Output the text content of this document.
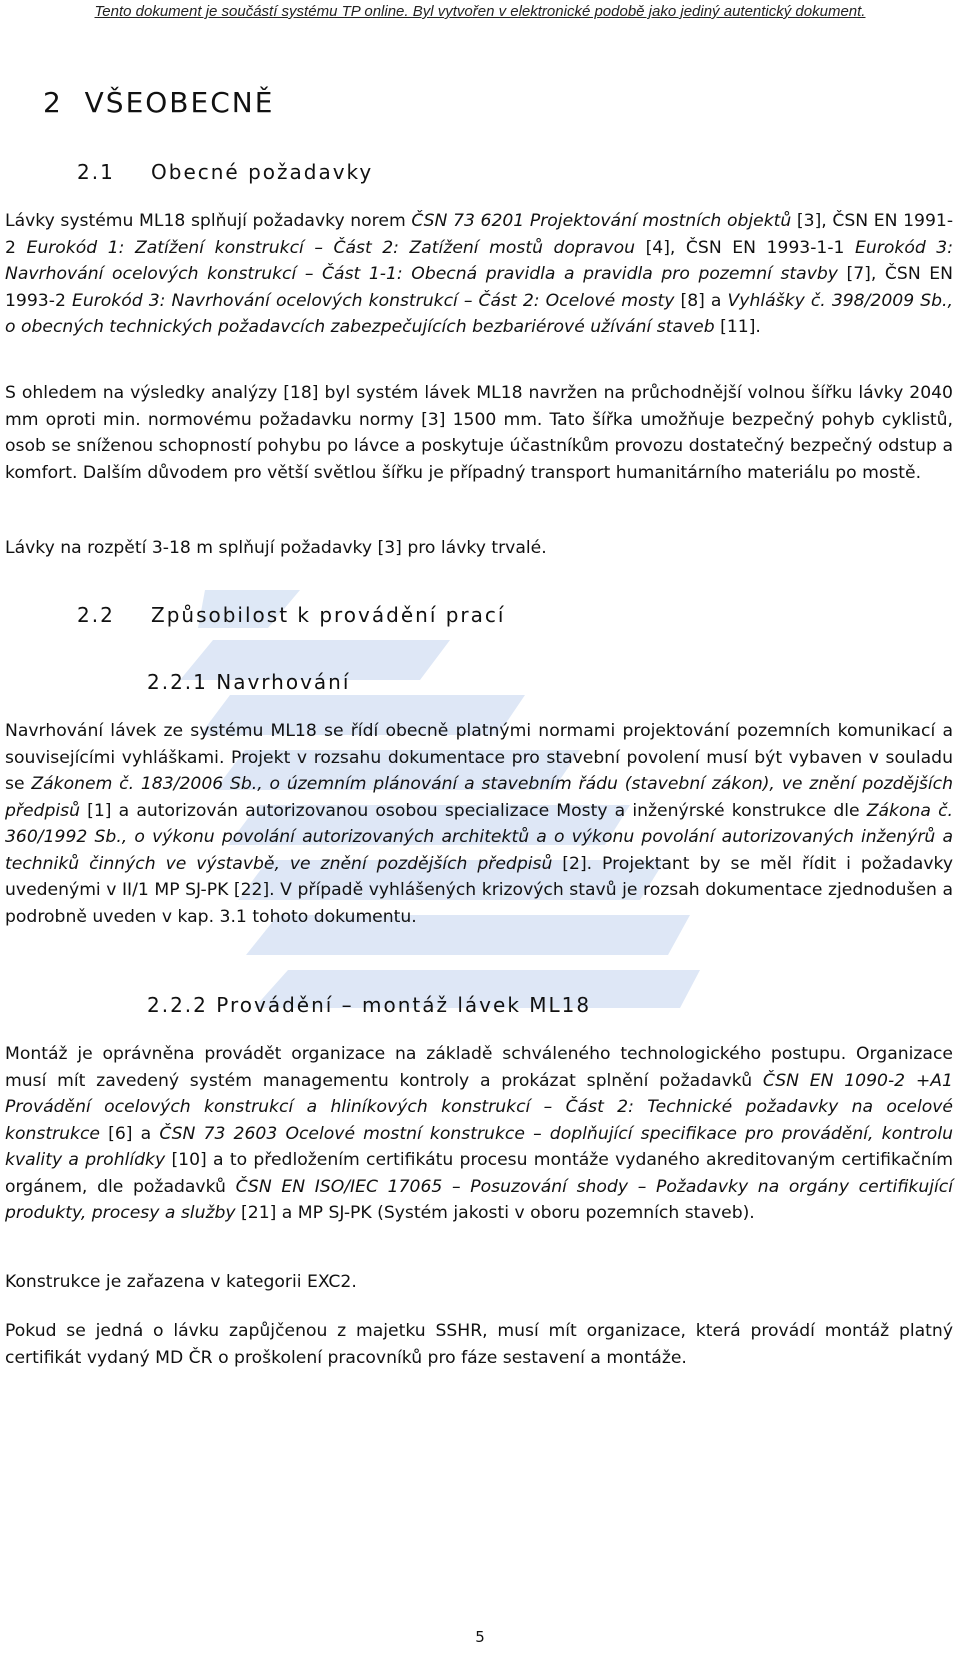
Tento dokument je součástí systému TP online. Byl vytvořen v elektronické podobě jako jediný autentický dokument.
2 VŠEOBECNĚ
2.1 Obecné požadavky

Lávky systému ML18 splňují požadavky norem ČSN 73 6201 Projektování mostních objektů [3], ČSN EN 1991-2 Eurokód 1: Zatížení konstrukcí – Část 2: Zatížení mostů dopravou [4], ČSN EN 1993-1-1 Eurokód 3: Navrhování ocelových konstrukcí – Část 1-1: Obecná pravidla a pravidla pro pozemní stavby [7], ČSN EN 1993-2 Eurokód 3: Navrhování ocelových konstrukcí – Část 2: Ocelové mosty [8] a Vyhlášky č. 398/2009 Sb., o obecných technických požadavcích zabezpečujících bezbariérové užívání staveb [11].

S ohledem na výsledky analýzy [18] byl systém lávek ML18 navržen na průchodnější volnou šířku lávky 2040 mm oproti min. normovému požadavku normy [3] 1500 mm. Tato šířka umožňuje bezpečný pohyb cyklistů, osob se sníženou schopností pohybu po lávce a poskytuje účastníkům provozu dostatečný bezpečný odstup a komfort. Dalším důvodem pro větší světlou šířku je případný transport humanitárního materiálu po mostě.

Lávky na rozpětí 3-18 m splňují požadavky [3] pro lávky trvalé.

2.2 Způsobilost k provádění prací
2.2.1 Navrhování

Navrhování lávek ze systému ML18 se řídí obecně platnými normami projektování pozemních komunikací a souvisejícími vyhláškami. Projekt v rozsahu dokumentace pro stavební povolení musí být vybaven v souladu se Zákonem č. 183/2006 Sb., o územním plánování a stavebním řádu (stavební zákon), ve znění pozdějších předpisů [1] a autorizován autorizovanou osobou specializace Mosty a inženýrské konstrukce dle Zákona č. 360/1992 Sb., o výkonu povolání autorizovaných architektů a o výkonu povolání autorizovaných inženýrů a techniků činných ve výstavbě, ve znění pozdějších předpisů [2]. Projektant by se měl řídit i požadavky uvedenými v II/1 MP SJ-PK [22]. V případě vyhlášených krizových stavů je rozsah dokumentace zjednodušen a podrobně uveden v kap. 3.1 tohoto dokumentu.

2.2.2 Provádění – montáž lávek ML18

Montáž je oprávněna provádět organizace na základě schváleného technologického postupu. Organizace musí mít zavedený systém managementu kontroly a prokázat splnění požadavků ČSN EN 1090-2 +A1 Provádění ocelových konstrukcí a hliníkových konstrukcí – Část 2: Technické požadavky na ocelové konstrukce [6] a ČSN 73 2603 Ocelové mostní konstrukce – doplňující specifikace pro provádění, kontrolu kvality a prohlídky [10] a to předložením certifikátu procesu montáže vydaného akreditovaným certifikačním orgánem, dle požadavků ČSN EN ISO/IEC 17065 – Posuzování shody – Požadavky na orgány certifikující produkty, procesy a služby [21] a MP SJ-PK (Systém jakosti v oboru pozemních staveb).

Konstrukce je zařazena v kategorii EXC2.

Pokud se jedná o lávku zapůjčenou z majetku SSHR, musí mít organizace, která provádí montáž platný certifikát vydaný MD ČR o proškolení pracovníků pro fáze sestavení a montáže.

5
